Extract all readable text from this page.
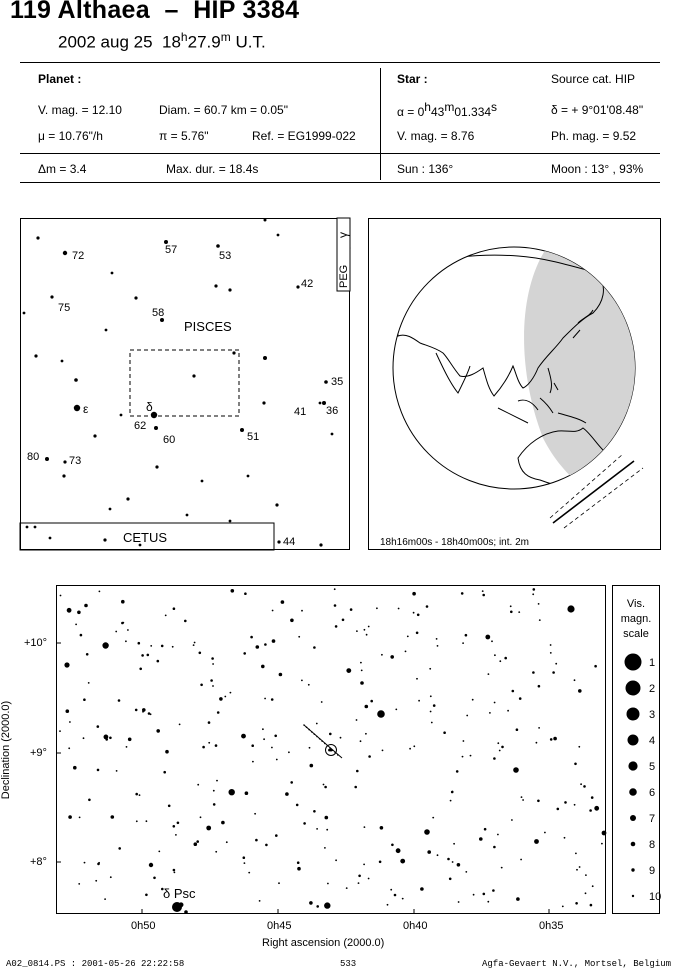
119 Althaea – HIP 3384
2002 aug 25 18$^h$27.9$^m$ U.T.
Planet :
V. mag. = 12.10	Diam. = 60.7 km = 0.05"
μ = 10.76"/h	π = 5.76"	Ref. = EG1999-022
Star :	Source cat. HIP
α = 0h43m01.334s	δ = + 9°01'08.48"
V. mag. = 8.76	Ph. mag. = 9.52
Δm = 3.4	Max. dur. = 18.4s	Sun : 136°	Moon : 13° , 93%
PEG
γ
CETUS
PISCES
72	57	53
42
75	58
35
41 36
ε	δ
62
60	51
80	73
44	18h16m00s - 18h40m00s; int. 2m
δ Psc
+10°
+9°
+8°
0h50	0h45	0h40	0h35
Right ascension (2000.0)
Declination (2000.0)
Vis.
magn.
scale
1
2
3
4
5
6
7
8
9
10
A02_0814.PS : 2001-05-26 22:22:58	533	Agfa-Gevaert N.V., Mortsel, Belgium
